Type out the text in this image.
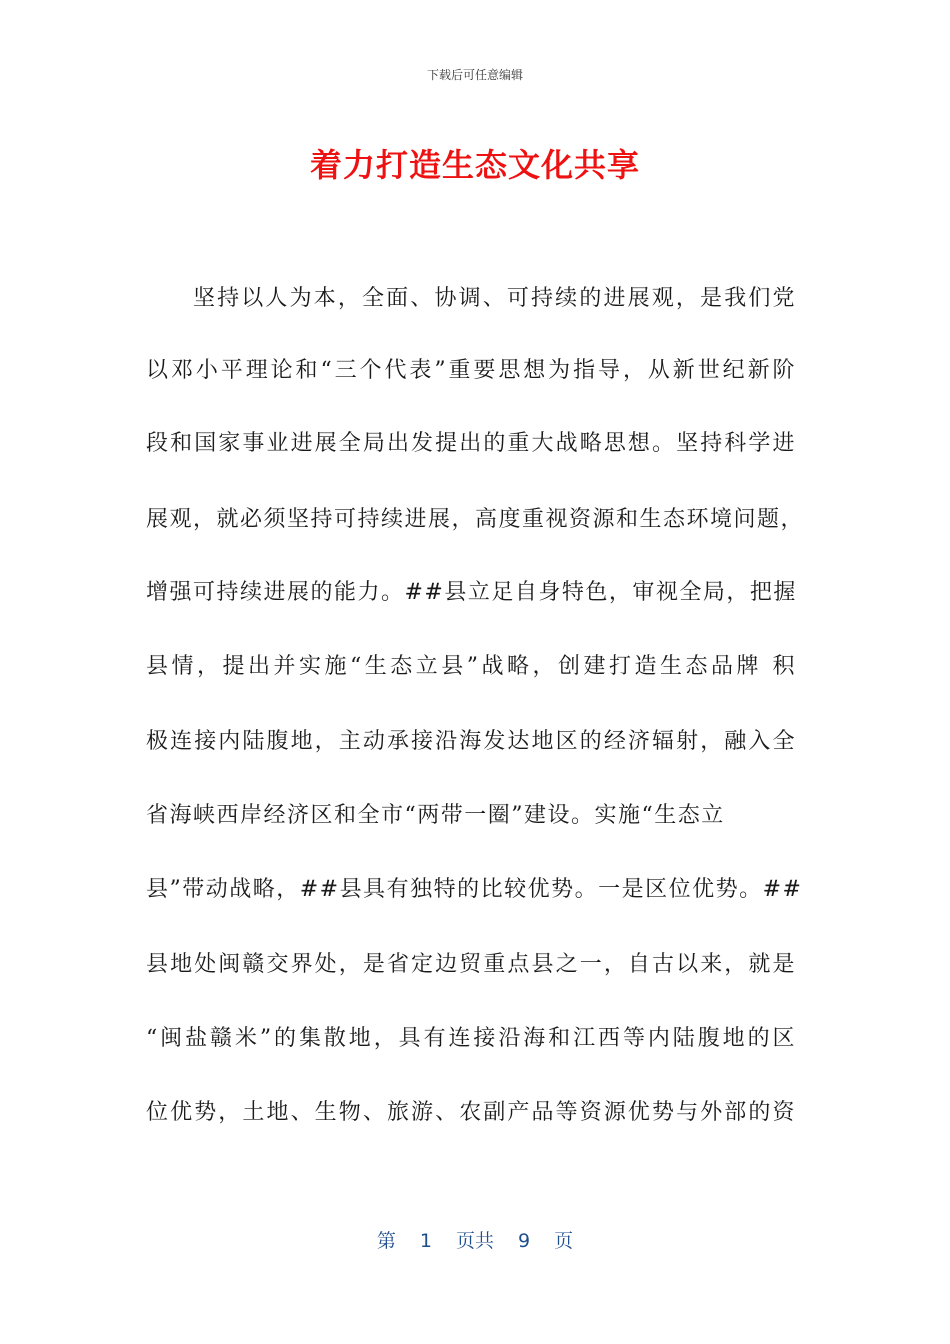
下载后可任意编辑
着力打造生态文化共享
坚持以人为本，全面、协调、可持续的进展观，是我们党
以邓小平理论和“三个代表”重要思想为指导，从新世纪新阶
段和国家事业进展全局出发提出的重大战略思想。坚持科学进
展观，就必须坚持可持续进展，高度重视资源和生态环境问题，
增强可持续进展的能力。##县立足自身特色，审视全局，把握
县情，提出并实施“生态立县”战略，创建打造生态品牌 积
极连接内陆腹地，主动承接沿海发达地区的经济辐射，融入全
省海峡西岸经济区和全市“两带一圈”建设。实施“生态立
县”带动战略，##县具有独特的比较优势。一是区位优势。##
县地处闽赣交界处，是省定边贸重点县之一，自古以来，就是
“闽盐赣米”的集散地，具有连接沿海和江西等内陆腹地的区
位优势，土地、生物、旅游、农副产品等资源优势与外部的资
第 1 页共 9 页
